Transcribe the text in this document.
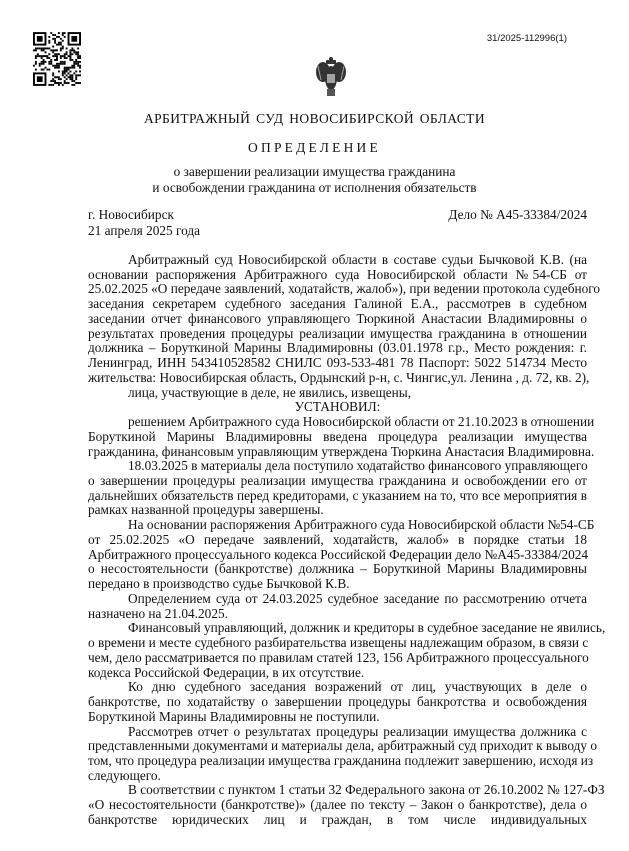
31/2025-112996(1)
АРБИТРАЖНЫЙ СУД НОВОСИБИРСКОЙ ОБЛАСТИ
ОПРЕДЕЛЕНИЕ
о завершении реализации имущества гражданина
и освобождении гражданина от исполнения обязательств
г. Новосибирск
21 апреля 2025 года
Дело № А45-33384/2024
Арбитражный суд Новосибирской области в составе судьи Бычковой К.В. (на
основании распоряжения Арбитражного суда Новосибирской области №54-СБ от
25.02.2025 «О передаче заявлений, ходатайств, жалоб»), при ведении протокола судебного
заседания секретарем судебного заседания Галиной Е.А., рассмотрев в судебном
заседании отчет финансового управляющего Тюркиной Анастасии Владимировны о
результатах проведения процедуры реализации имущества гражданина в отношении
должника – Боруткиной Марины Владимировны (03.01.1978 г.р., Место рождения: г.
Ленинград, ИНН 543410528582 СНИЛС 093-533-481 78 Паспорт: 5022 514734 Место
жительства: Новосибирская область, Ордынский р-н, с. Чингис,ул. Ленина , д. 72, кв. 2),
лица, участвующие в деле, не явились, извещены,
УСТАНОВИЛ:
решением Арбитражного суда Новосибирской области от 21.10.2023 в отношении
Боруткиной Марины Владимировны введена процедура реализации имущества
гражданина, финансовым управляющим утверждена Тюркина Анастасия Владимировна.
18.03.2025 в материалы дела поступило ходатайство финансового управляющего
о завершении процедуры реализации имущества гражданина и освобождении его от
дальнейших обязательств перед кредиторами, с указанием на то, что все мероприятия в
рамках названной процедуры завершены.
На основании распоряжения Арбитражного суда Новосибирской области №54-СБ
от 25.02.2025 «О передаче заявлений, ходатайств, жалоб» в порядке статьи 18
Арбитражного процессуального кодекса Российской Федерации дело №А45-33384/2024
о несостоятельности (банкротстве) должника – Боруткиной Марины Владимировны
передано в производство судье Бычковой К.В.
Определением суда от 24.03.2025 судебное заседание по рассмотрению отчета
назначено на 21.04.2025.
Финансовый управляющий, должник и кредиторы в судебное заседание не явились,
о времени и месте судебного разбирательства извещены надлежащим образом, в связи с
чем, дело рассматривается по правилам статей 123, 156 Арбитражного процессуального
кодекса Российской Федерации, в их отсутствие.
Ко дню судебного заседания возражений от лиц, участвующих в деле о
банкротстве, по ходатайству о завершении процедуры банкротства и освобождения
Боруткиной Марины Владимировны не поступили.
Рассмотрев отчет о результатах процедуры реализации имущества должника с
представленными документами и материалы дела, арбитражный суд приходит к выводу о
том, что процедура реализации имущества гражданина подлежит завершению, исходя из
следующего.
В соответствии с пунктом 1 статьи 32 Федерального закона от 26.10.2002 № 127-ФЗ
«О несостоятельности (банкротстве)» (далее по тексту – Закон о банкротстве), дела о
банкротстве юридических лиц и граждан, в том числе индивидуальных
